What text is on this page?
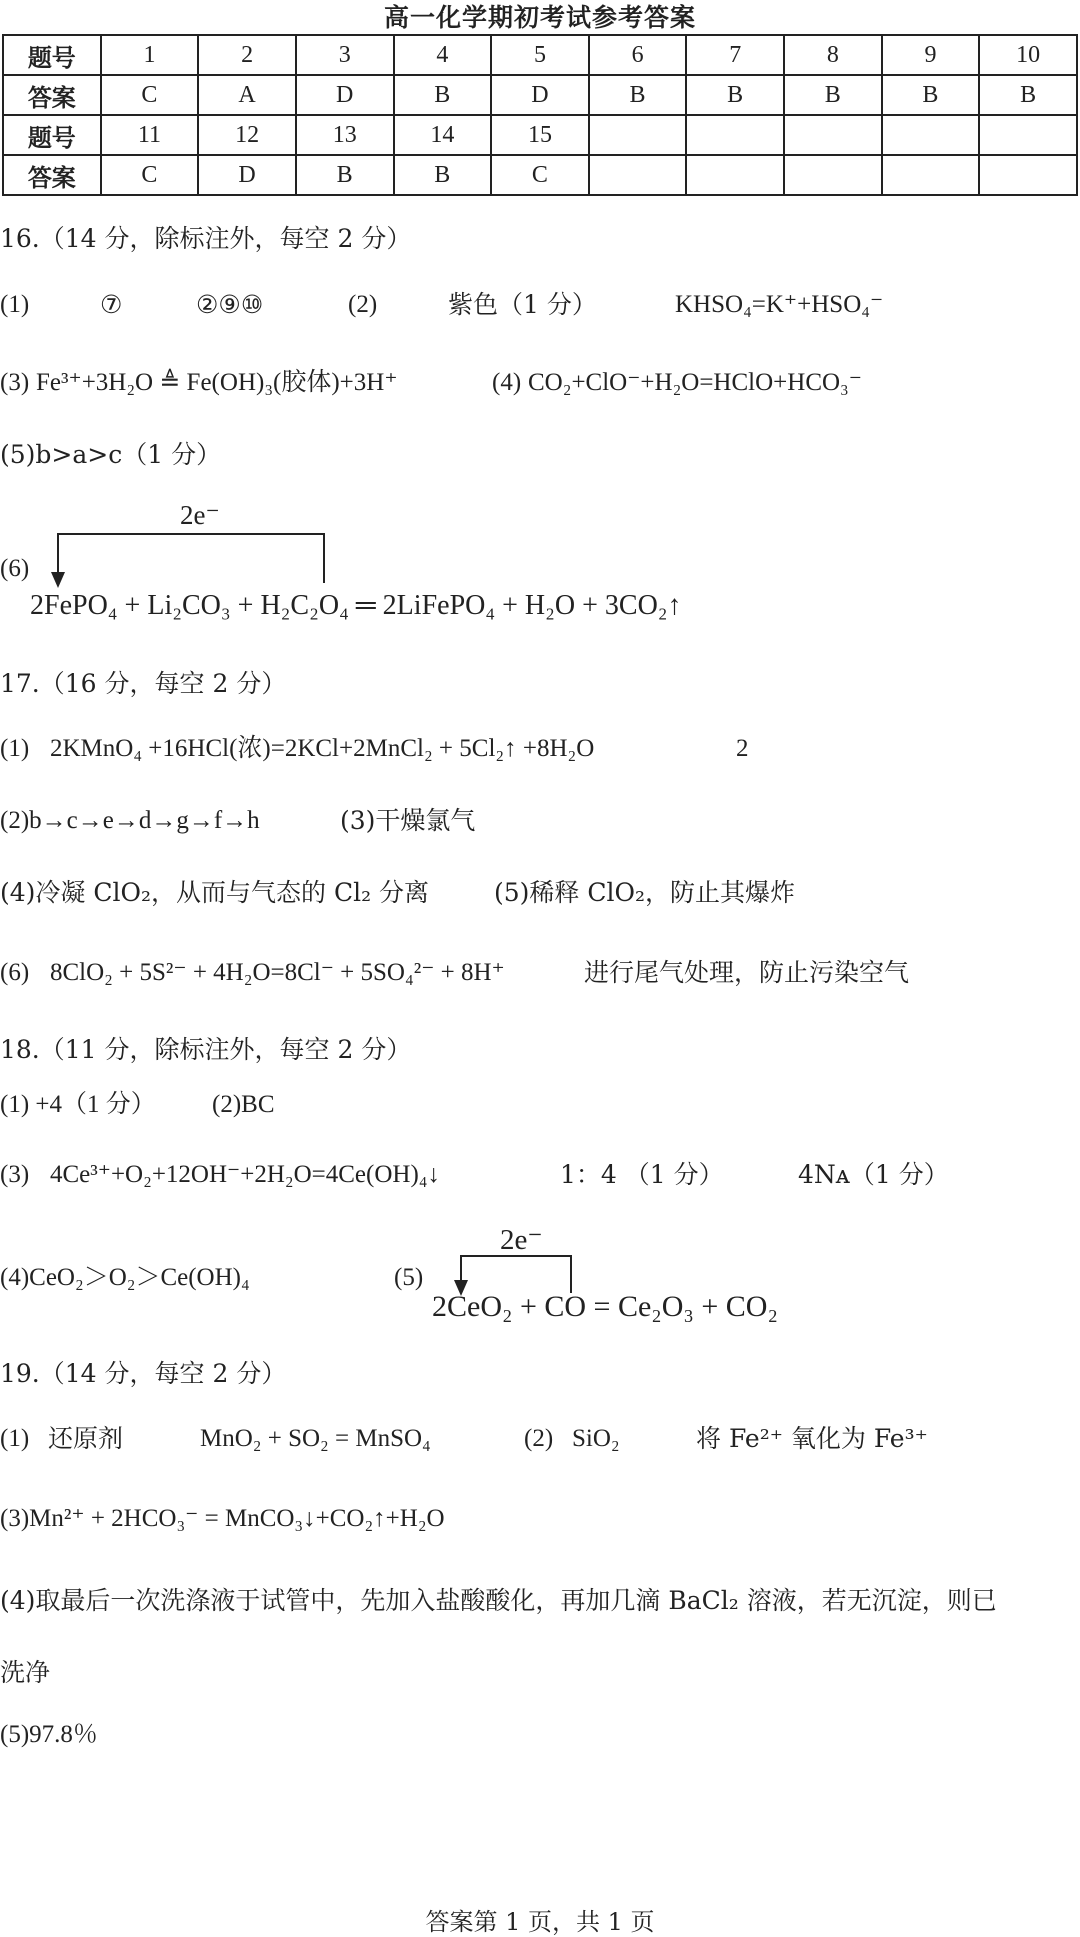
高一化学期初考试参考答案
题号	1	2	3	4	5	6	7	8	9	10
答案	C	A	D	B	D	B	B	B	B	B
题号	11	12	13	14	15					
答案	C	D	B	B	C					
16.（14 分，除标注外，每空 2 分）
(1)	⑦	②⑨⑩	(2)	紫色（1 分）	KHSO₄=K⁺+HSO₄⁻
(3) Fe³⁺+3H₂O ≜ Fe(OH)₃(胶体)+3H⁺	(4) CO₂+ClO⁻+H₂O=HClO+HCO₃⁻
(5)b>a>c（1 分）
2e⁻
(6)
2FePO₄ + Li₂CO₃ + H₂C₂O₄ ═ 2LiFePO₄ + H₂O + 3CO₂↑
17.（16 分，每空 2 分）
(1) 2KMnO₄ +16HCl(浓)=2KCl+2MnCl₂ + 5Cl₂↑ +8H₂O	2
(2)b→c→e→d→g→f→h	(3)干燥氯气
(4)冷凝 ClO₂，从而与气态的 Cl₂ 分离	(5)稀释 ClO₂，防止其爆炸
(6) 8ClO₂ + 5S²⁻ + 4H₂O=8Cl⁻ + 5SO₄²⁻ + 8H⁺	进行尾气处理，防止污染空气
18.（11 分，除标注外，每空 2 分）
(1) +4（1 分） (2)BC
(3) 4Ce³⁺+O₂+12OH⁻+2H₂O=4Ce(OH)₄↓	1：4 （1 分）	4Nᴀ（1 分）
(4)CeO₂＞O₂＞Ce(OH)₄	(5)
2e⁻
2CeO₂ + CO = Ce₂O₃ + CO₂
19.（14 分，每空 2 分）
(1) 还原剂	MnO₂ + SO₂ = MnSO₄	(2) SiO₂	将 Fe²⁺ 氧化为 Fe³⁺
(3)Mn²⁺ + 2HCO₃⁻ = MnCO₃↓+CO₂↑+H₂O
(4)取最后一次洗涤液于试管中，先加入盐酸酸化，再加几滴 BaCl₂ 溶液，若无沉淀，则已
洗净
(5)97.8％
答案第 1 页，共 1 页
